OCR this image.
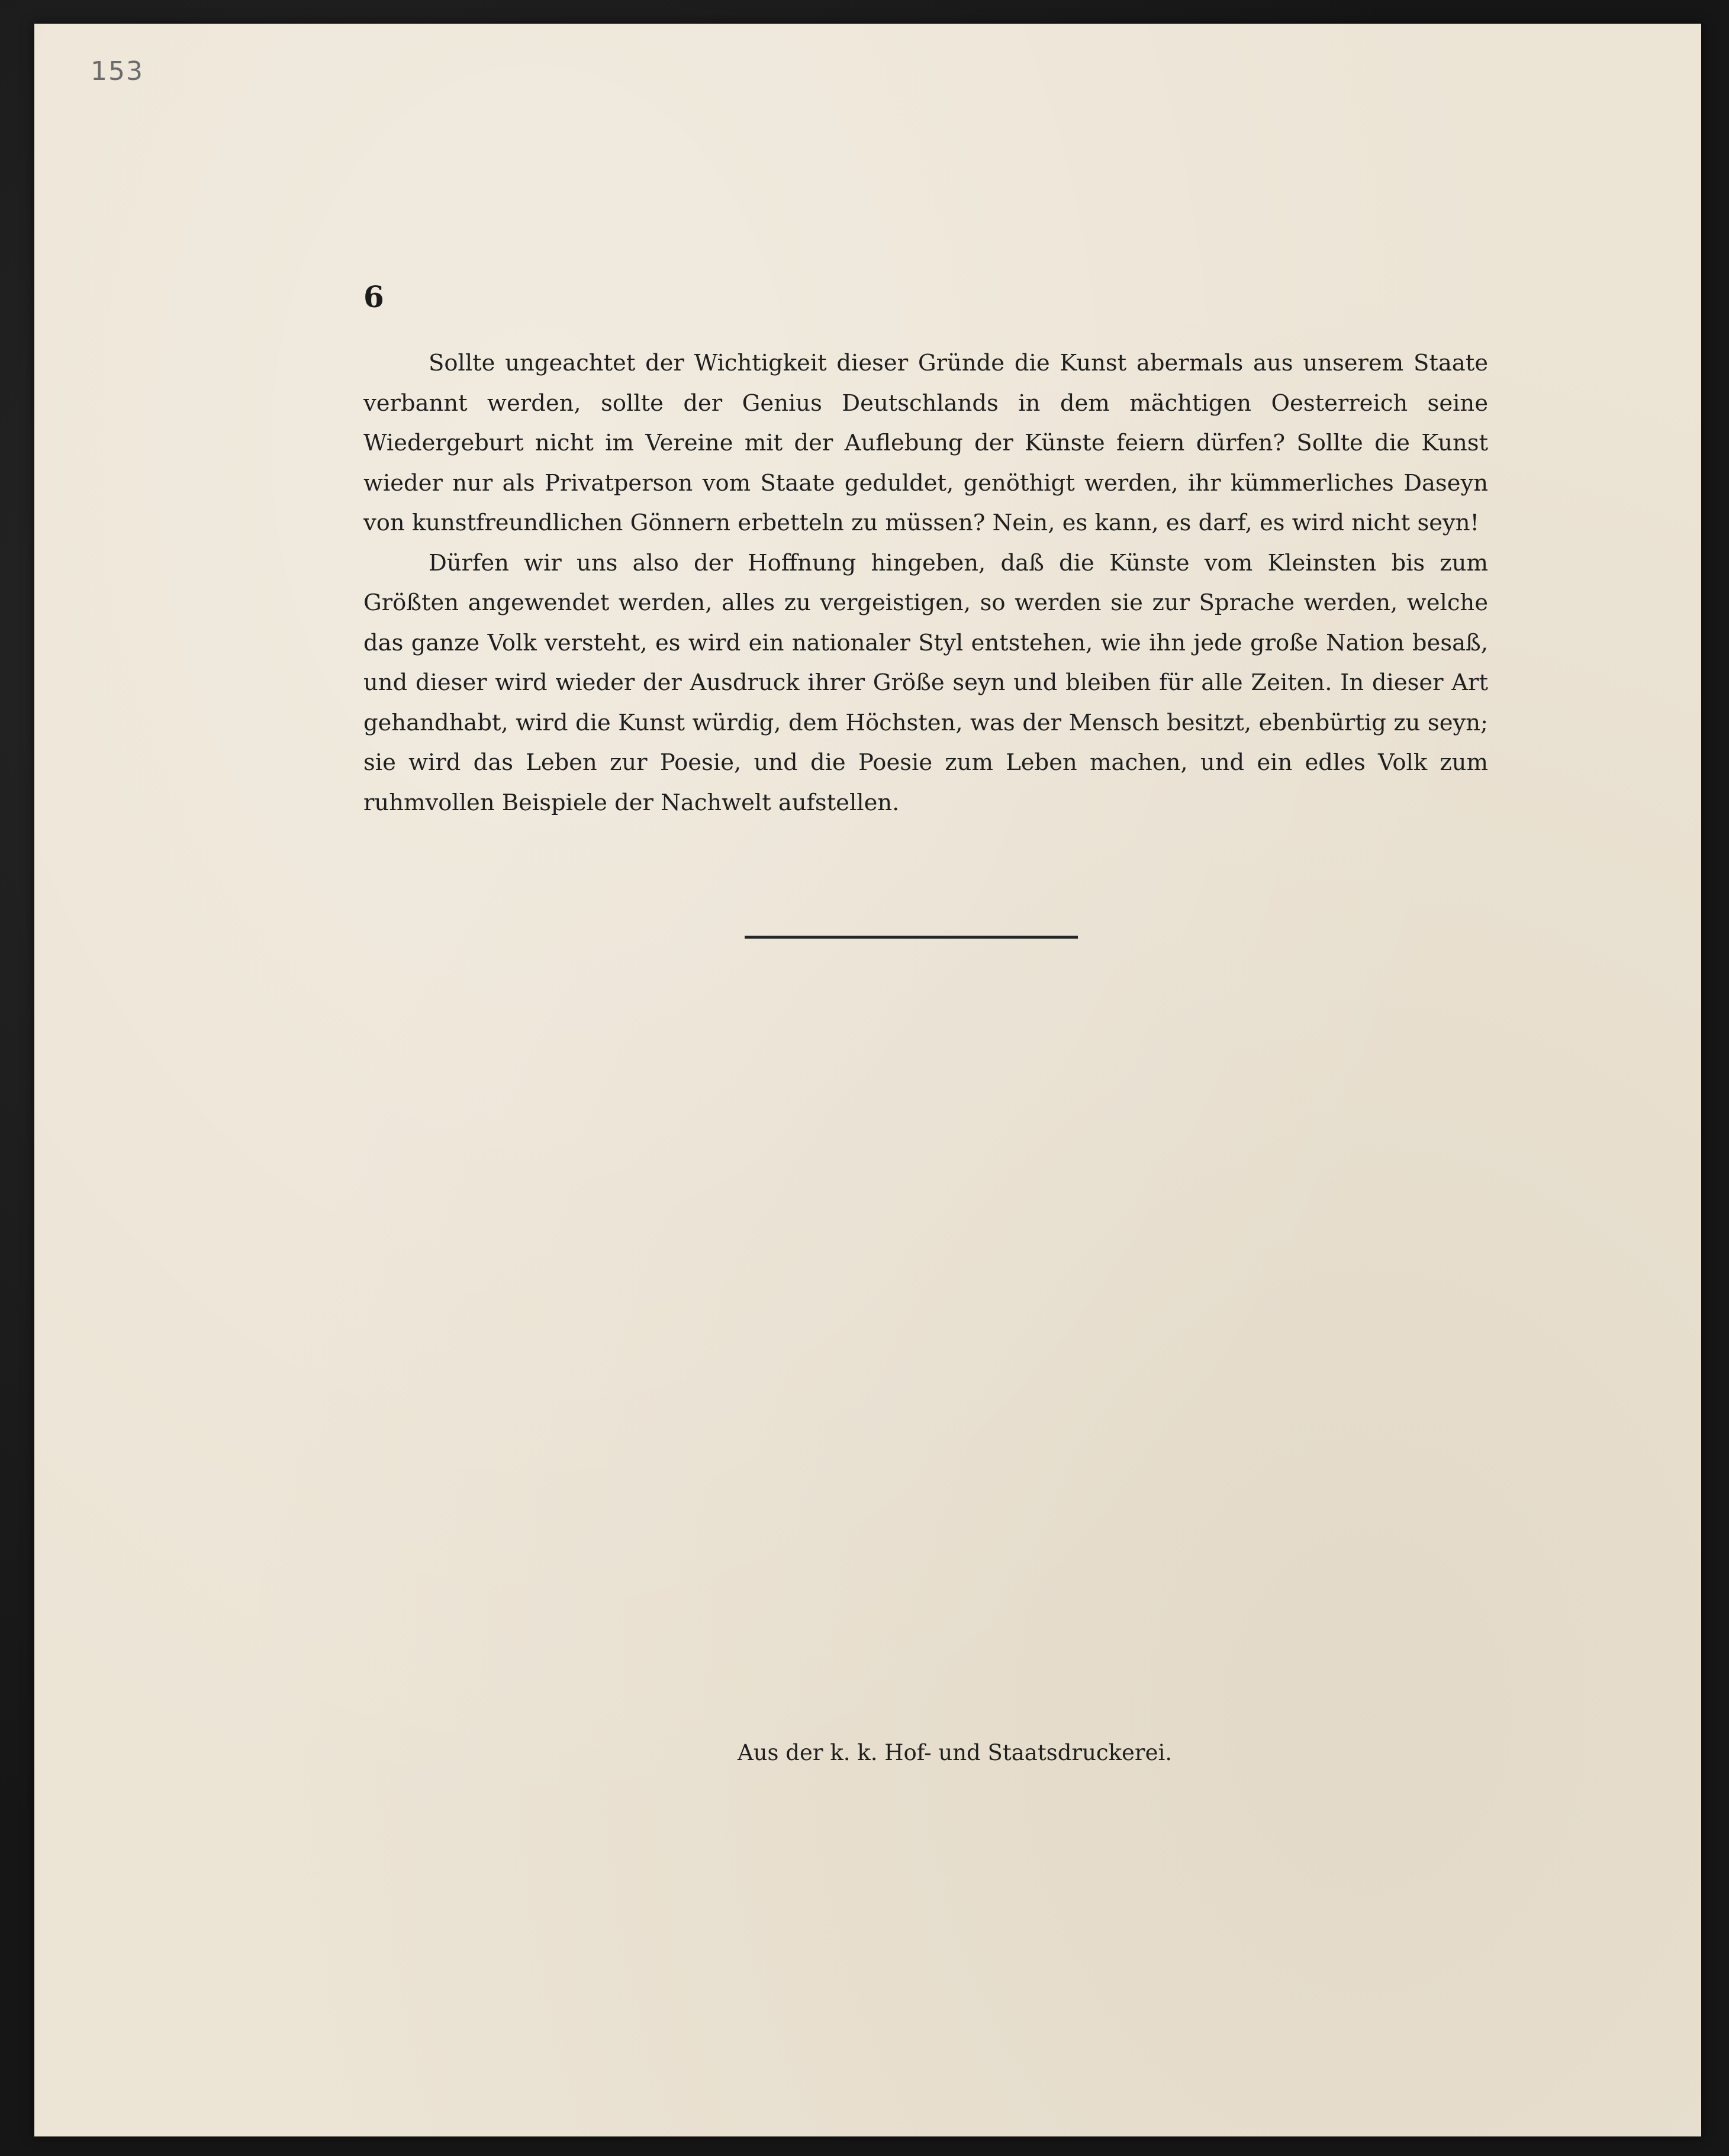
153
6

Sollte ungeachtet der Wichtigkeit dieser Gründe die Kunst abermals aus unserem Staate verbannt werden, sollte der Genius Deutschlands in dem mächtigen Oesterreich seine Wiedergeburt nicht im Vereine mit der Auflebung der Künste feiern dürfen? Sollte die Kunst wieder nur als Privatperson vom Staate geduldet, genöthigt werden, ihr kümmerliches Daseyn von kunstfreundlichen Gönnern erbetteln zu müssen? Nein, es kann, es darf, es wird nicht seyn!

Dürfen wir uns also der Hoffnung hingeben, daß die Künste vom Kleinsten bis zum Größten angewendet werden, alles zu vergeistigen, so werden sie zur Sprache werden, welche das ganze Volk versteht, es wird ein nationaler Styl entstehen, wie ihn jede große Nation besaß, und dieser wird wieder der Ausdruck ihrer Größe seyn und bleiben für alle Zeiten. In dieser Art gehandhabt, wird die Kunst würdig, dem Höchsten, was der Mensch besitzt, ebenbürtig zu seyn; sie wird das Leben zur Poesie, und die Poesie zum Leben machen, und ein edles Volk zum ruhmvollen Beispiele der Nachwelt aufstellen.

Aus der k. k. Hof- und Staatsdruckerei.
